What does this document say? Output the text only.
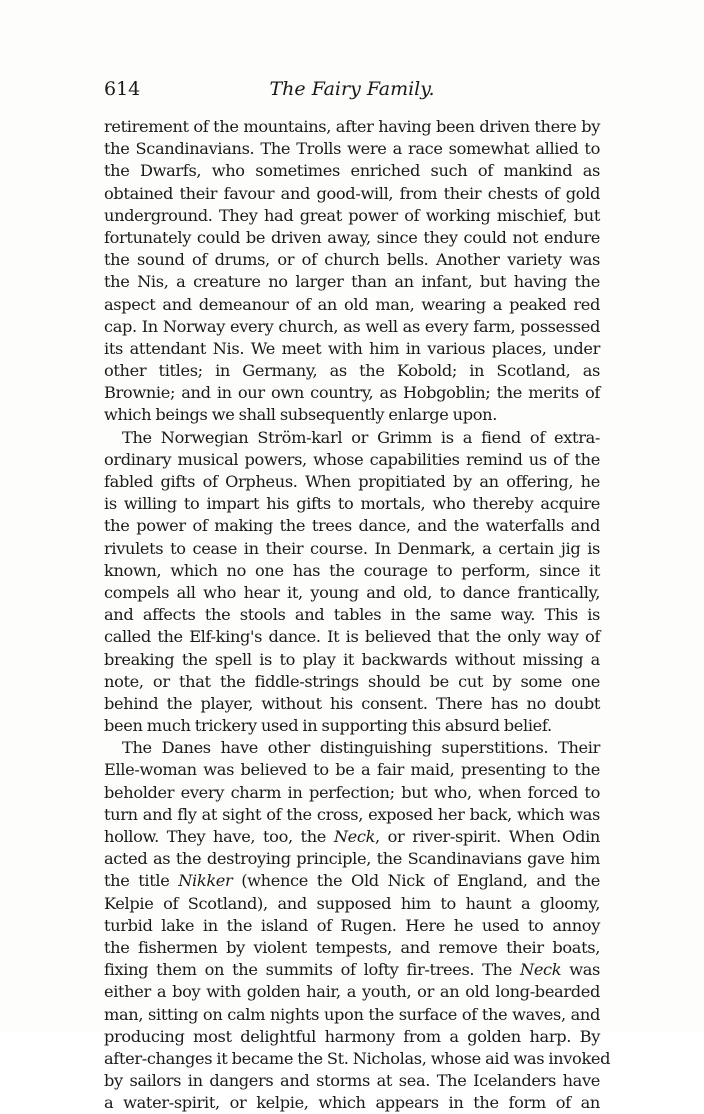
614	The Fairy Family.
retirement of the mountains, after having been driven there by
the Scandinavians. The Trolls were a race somewhat allied to
the Dwarfs, who sometimes enriched such of mankind as
obtained their favour and good-will, from their chests of gold
underground. They had great power of working mischief, but
fortunately could be driven away, since they could not endure
the sound of drums, or of church bells. Another variety was
the Nis, a creature no larger than an infant, but having the
aspect and demeanour of an old man, wearing a peaked red
cap. In Norway every church, as well as every farm, possessed
its attendant Nis. We meet with him in various places, under
other titles; in Germany, as the Kobold; in Scotland, as
Brownie; and in our own country, as Hobgoblin; the merits of
which beings we shall subsequently enlarge upon.
The Norwegian Ström-karl or Grimm is a fiend of extra-
ordinary musical powers, whose capabilities remind us of the
fabled gifts of Orpheus. When propitiated by an offering, he
is willing to impart his gifts to mortals, who thereby acquire
the power of making the trees dance, and the waterfalls and
rivulets to cease in their course. In Denmark, a certain jig is
known, which no one has the courage to perform, since it
compels all who hear it, young and old, to dance frantically,
and affects the stools and tables in the same way. This is
called the Elf-king's dance. It is believed that the only way of
breaking the spell is to play it backwards without missing a
note, or that the fiddle-strings should be cut by some one
behind the player, without his consent. There has no doubt
been much trickery used in supporting this absurd belief.
The Danes have other distinguishing superstitions. Their
Elle-woman was believed to be a fair maid, presenting to the
beholder every charm in perfection; but who, when forced to
turn and fly at sight of the cross, exposed her back, which was
hollow. They have, too, the Neck, or river-spirit. When Odin
acted as the destroying principle, the Scandinavians gave him
the title Nikker (whence the Old Nick of England, and the
Kelpie of Scotland), and supposed him to haunt a gloomy,
turbid lake in the island of Rugen. Here he used to annoy
the fishermen by violent tempests, and remove their boats,
fixing them on the summits of lofty fir-trees. The Neck was
either a boy with golden hair, a youth, or an old long-bearded
man, sitting on calm nights upon the surface of the waves, and
producing most delightful harmony from a golden harp. By
after-changes it became the St. Nicholas, whose aid was invoked
by sailors in dangers and storms at sea. The Icelanders have
a water-spirit, or kelpie, which appears in the form of an
